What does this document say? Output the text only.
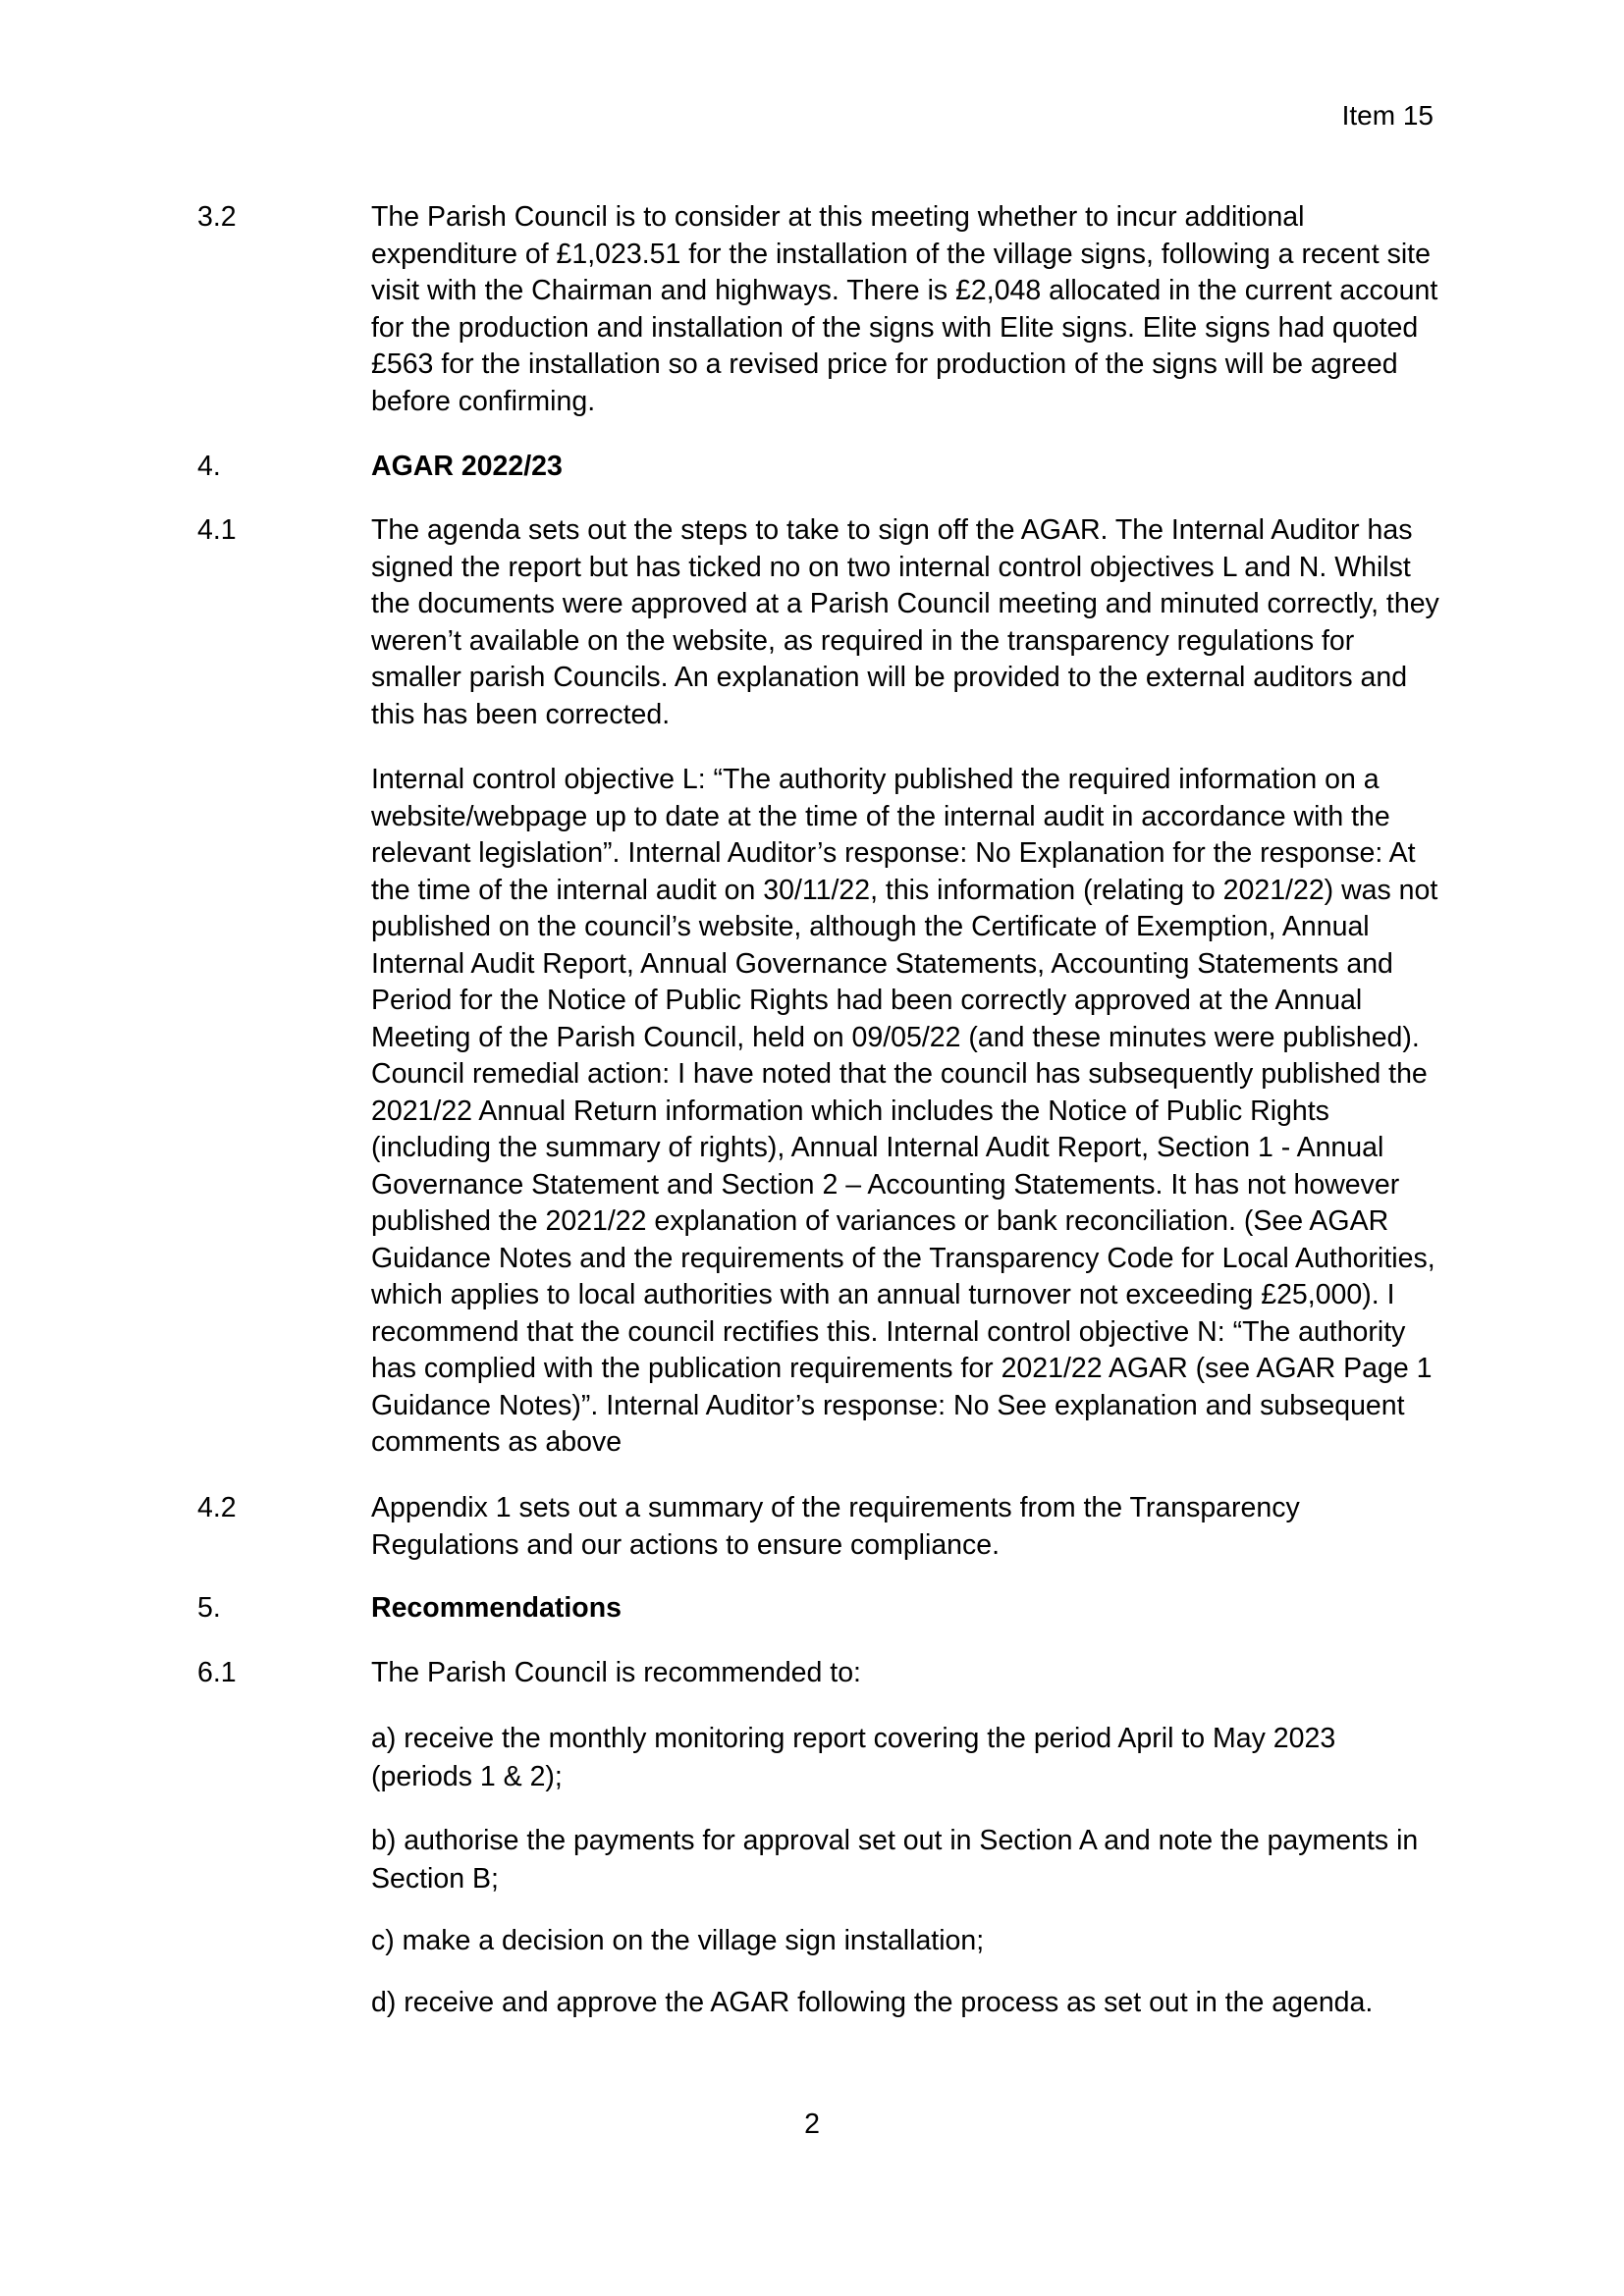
Item 15
3.2	The Parish Council is to consider at this meeting whether to incur additional expenditure of £1,023.51 for the installation of the village signs, following a recent site visit with the Chairman and highways. There is £2,048 allocated in the current account for the production and installation of the signs with Elite signs. Elite signs had quoted £563 for the installation so a revised price for production of the signs will be agreed before confirming.

4.	AGAR 2022/23

4.1	The agenda sets out the steps to take to sign off the AGAR. The Internal Auditor has signed the report but has ticked no on two internal control objectives L and N. Whilst the documents were approved at a Parish Council meeting and minuted correctly, they weren’t available on the website, as required in the transparency regulations for smaller parish Councils. An explanation will be provided to the external auditors and this has been corrected.

Internal control objective L: “The authority published the required information on a website/webpage up to date at the time of the internal audit in accordance with the relevant legislation”. Internal Auditor’s response: No Explanation for the response: At the time of the internal audit on 30/11/22, this information (relating to 2021/22) was not published on the council’s website, although the Certificate of Exemption, Annual Internal Audit Report, Annual Governance Statements, Accounting Statements and Period for the Notice of Public Rights had been correctly approved at the Annual Meeting of the Parish Council, held on 09/05/22 (and these minutes were published). Council remedial action: I have noted that the council has subsequently published the 2021/22 Annual Return information which includes the Notice of Public Rights (including the summary of rights), Annual Internal Audit Report, Section 1 - Annual Governance Statement and Section 2 – Accounting Statements. It has not however published the 2021/22 explanation of variances or bank reconciliation. (See AGAR Guidance Notes and the requirements of the Transparency Code for Local Authorities, which applies to local authorities with an annual turnover not exceeding £25,000). I recommend that the council rectifies this. Internal control objective N: “The authority has complied with the publication requirements for 2021/22 AGAR (see AGAR Page 1 Guidance Notes)”. Internal Auditor’s response: No See explanation and subsequent comments as above

4.2	Appendix 1 sets out a summary of the requirements from the Transparency Regulations and our actions to ensure compliance.

5.	Recommendations

6.1	The Parish Council is recommended to:

a) receive the monthly monitoring report covering the period April to May 2023 (periods 1 & 2);

b) authorise the payments for approval set out in Section A and note the payments in Section B;

c) make a decision on the village sign installation;

d) receive and approve the AGAR following the process as set out in the agenda.

2
